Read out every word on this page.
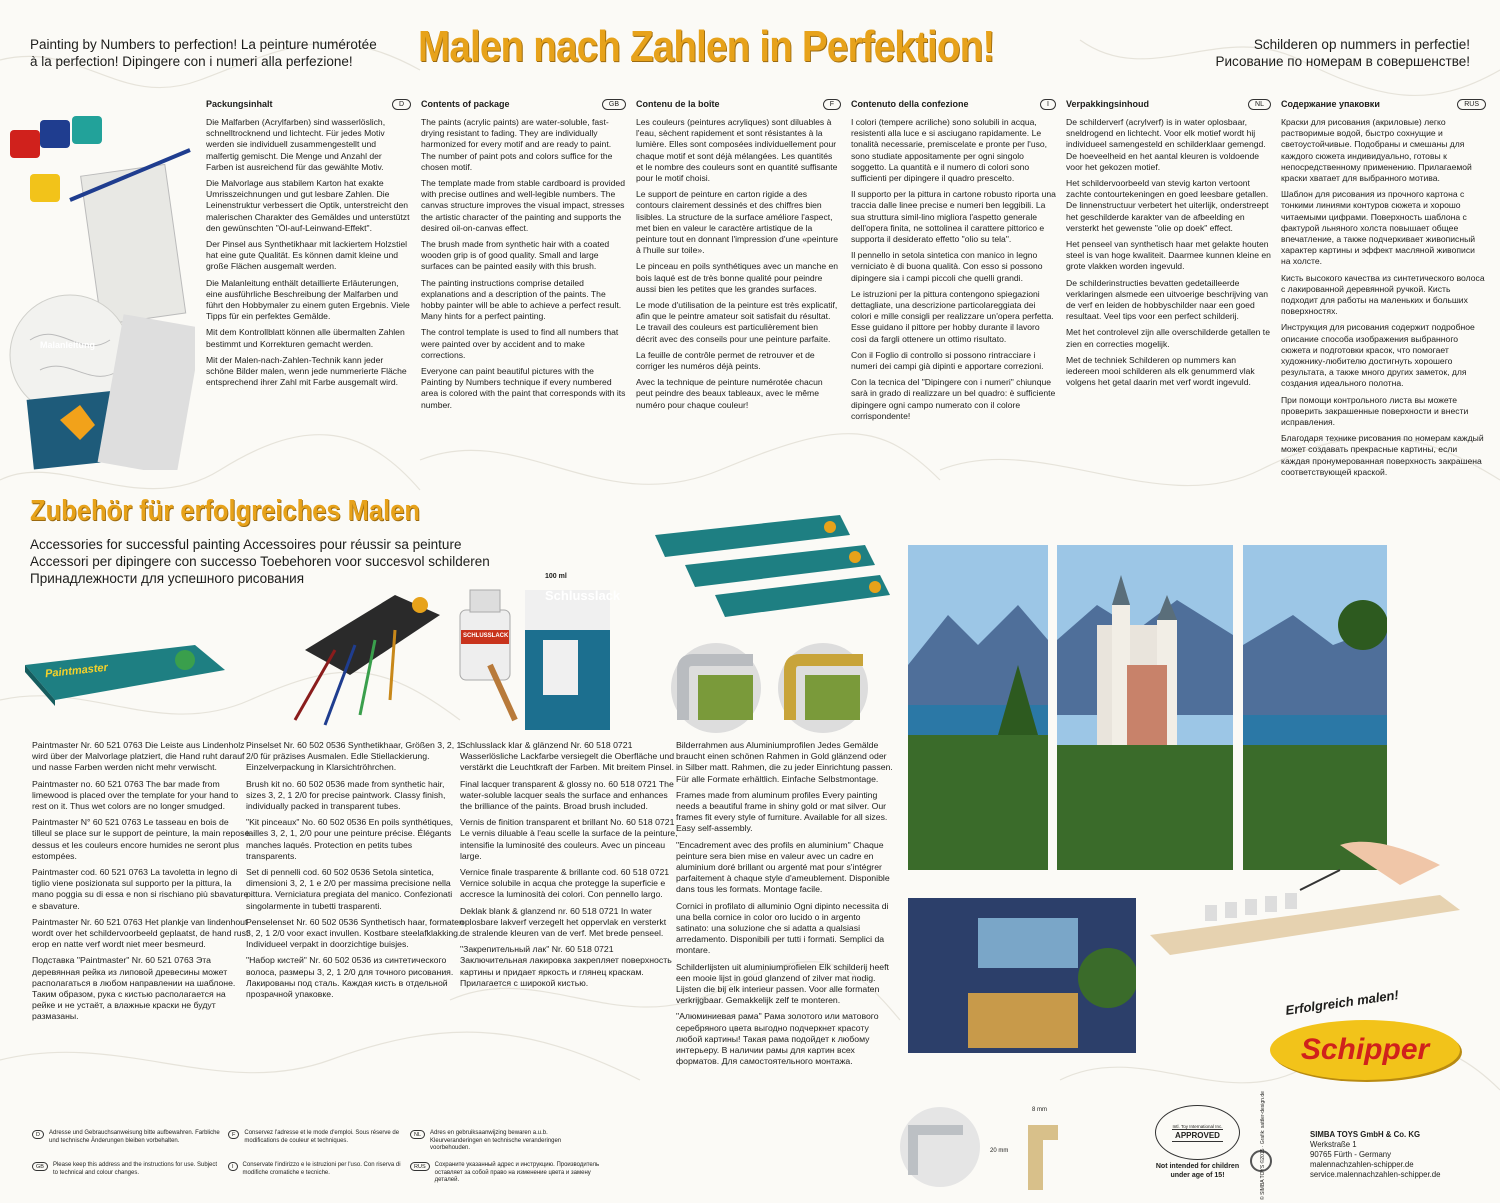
Painting by Numbers to perfection! La peinture numérotée
à la perfection! Dipingere con i numeri alla perfezione!	Malen nach Zahlen in Perfektion!	Schilderen op nummers in perfectie!
Рисование по номерам в совершенстве!
Malanleitung
Packungsinhalt	D

Die Malfarben (Acrylfarben) sind wasserlöslich, schnelltrocknend und lichtecht. Für jedes Motiv werden sie individuell zusammengestellt und malfertig gemischt. Die Menge und Anzahl der Farben ist ausreichend für das gewählte Motiv.

Die Malvorlage aus stabilem Karton hat exakte Umrisszeichnungen und gut lesbare Zahlen. Die Leinenstruktur verbessert die Optik, unterstreicht den malerischen Charakter des Gemäldes und unterstützt den gewünschten "Öl-auf-Leinwand-Effekt".

Der Pinsel aus Synthetikhaar mit lackiertem Holzstiel hat eine gute Qualität. Es können damit kleine und große Flächen ausgemalt werden.

Die Malanleitung enthält detaillierte Erläuterungen, eine ausführliche Beschreibung der Malfarben und führt den Hobbymaler zu einem guten Ergebnis. Viele Tipps für ein perfektes Gemälde.

Mit dem Kontrollblatt können alle übermalten Zahlen bestimmt und Korrekturen gemacht werden.

Mit der Malen-nach-Zahlen-Technik kann jeder schöne Bilder malen, wenn jede nummerierte Fläche entsprechend ihrer Zahl mit Farbe ausgemalt wird.

Contents of package	GB

The paints (acrylic paints) are water-soluble, fast-drying resistant to fading. They are individually harmonized for every motif and are ready to paint. The number of paint pots and colors suffice for the chosen motif.

The template made from stable cardboard is provided with precise outlines and well-legible numbers. The canvas structure improves the visual impact, stresses the artistic character of the painting and supports the desired oil-on-canvas effect.

The brush made from synthetic hair with a coated wooden grip is of good quality. Small and large surfaces can be painted easily with this brush.

The painting instructions comprise detailed explanations and a description of the paints. The hobby painter will be able to achieve a perfect result. Many hints for a perfect painting.

The control template is used to find all numbers that were painted over by accident and to make corrections.

Everyone can paint beautiful pictures with the Painting by Numbers technique if every numbered area is colored with the paint that corresponds with its number.

Contenu de la boîte	F

Les couleurs (peintures acryliques) sont diluables à l'eau, sèchent rapidement et sont résistantes à la lumière. Elles sont composées individuellement pour chaque motif et sont déjà mélangées. Les quantités et le nombre des couleurs sont en quantité suffisante pour le motif choisi.

Le support de peinture en carton rigide a des contours clairement dessinés et des chiffres bien lisibles. La structure de la surface améliore l'aspect, met bien en valeur le caractère artistique de la peinture tout en donnant l'impression d'une «peinture à l'huile sur toile».

Le pinceau en poils synthétiques avec un manche en bois laqué est de très bonne qualité pour peindre aussi bien les petites que les grandes surfaces.

Le mode d'utilisation de la peinture est très explicatif, afin que le peintre amateur soit satisfait du résultat. Le travail des couleurs est particulièrement bien décrit avec des conseils pour une peinture parfaite.

La feuille de contrôle permet de retrouver et de corriger les numéros déjà peints.

Avec la technique de peinture numérotée chacun peut peindre des beaux tableaux, avec le même numéro pour chaque couleur!

Contenuto della confezione	I

I colori (tempere acriliche) sono solubili in acqua, resistenti alla luce e si asciugano rapidamente. Le tonalità necessarie, premiscelate e pronte per l'uso, sono studiate appositamente per ogni singolo soggetto. La quantità e il numero di colori sono sufficienti per dipingere il quadro prescelto.

Il supporto per la pittura in cartone robusto riporta una traccia dalle linee precise e numeri ben leggibili. La sua struttura simil-lino migliora l'aspetto generale dell'opera finita, ne sottolinea il carattere pittorico e supporta il desiderato effetto "olio su tela".

Il pennello in setola sintetica con manico in legno verniciato è di buona qualità. Con esso si possono dipingere sia i campi piccoli che quelli grandi.

Le istruzioni per la pittura contengono spiegazioni dettagliate, una descrizione particolareggiata dei colori e mille consigli per realizzare un'opera perfetta. Esse guidano il pittore per hobby durante il lavoro così da fargli ottenere un ottimo risultato.

Con il Foglio di controllo si possono rintracciare i numeri dei campi già dipinti e apportare correzioni.

Con la tecnica del "Dipingere con i numeri" chiunque sarà in grado di realizzare un bel quadro: è sufficiente dipingere ogni campo numerato con il colore corrispondente!

Verpakkingsinhoud	NL

De schilderverf (acrylverf) is in water oplosbaar, sneldrogend en lichtecht. Voor elk motief wordt hij individueel samengesteld en schilderklaar gemengd. De hoeveelheid en het aantal kleuren is voldoende voor het gekozen motief.

Het schildervoorbeeld van stevig karton vertoont zachte contourtekeningen en goed leesbare getallen. De linnenstructuur verbetert het uiterlijk, onderstreept het geschilderde karakter van de afbeelding en versterkt het gewenste "olie op doek" effect.

Het penseel van synthetisch haar met gelakte houten steel is van hoge kwaliteit. Daarmee kunnen kleine en grote vlakken worden ingevuld.

De schilderinstructies bevatten gedetailleerde verklaringen alsmede een uitvoerige beschrijving van de verf en leiden de hobbyschilder naar een goed resultaat. Veel tips voor een perfect schilderij.

Met het controlevel zijn alle overschilderde getallen te zien en correcties mogelijk.

Met de techniek Schilderen op nummers kan iedereen mooi schilderen als elk genummerd vlak volgens het getal daarin met verf wordt ingevuld.

Содержание упаковки	RUS

Краски для рисования (акриловые) легко растворимые водой, быстро сохнущие и светоустойчивые. Подобраны и смешаны для каждого сюжета индивидуально, готовы к непосредственному применению. Прилагаемой краски хватает для выбранного мотива.

Шаблон для рисования из прочного картона с тонкими линиями контуров сюжета и хорошо читаемыми цифрами. Поверхность шаблона с фактурой льняного холста повышает общее впечатление, а также подчеркивает живописный характер картины и эффект масляной живописи на холсте.

Кисть высокого качества из синтетического волоса с лакированной деревянной ручкой. Кисть подходит для работы на маленьких и больших поверхностях.

Инструкция для рисования содержит подробное описание способа изображения выбранного сюжета и подготовки красок, что помогает художнику-любителю достигнуть хорошего результата, а также много других заметок, для создания идеального полотна.

При помощи контрольного листа вы можете проверить закрашенные поверхности и внести исправления.

Благодаря технике рисования по номерам каждый может создавать прекрасные картины, если каждая пронумерованная поверхность закрашена соответствующей краской.

Zubehör für erfolgreiches Malen
Accessories for successful painting Accessoires pour réussir sa peinture
Accessori per dipingere con successo Toebehoren voor succesvol schilderen
Принадлежности для успешного рисования
Paintmaster
Schlusslack
100 ml
SCHLUSSLACK

Paintmaster Nr. 60 521 0763 Die Leiste aus Lindenholz wird über der Malvorlage platziert, die Hand ruht darauf und nasse Farben werden nicht mehr verwischt.

Paintmaster no. 60 521 0763 The bar made from limewood is placed over the template for your hand to rest on it. Thus wet colors are no longer smudged.

Paintmaster N° 60 521 0763 Le tasseau en bois de tilleul se place sur le support de peinture, la main repose dessus et les couleurs encore humides ne seront plus estompées.

Paintmaster cod. 60 521 0763 La tavoletta in legno di tiglio viene posizionata sul supporto per la pittura, la mano poggia su di essa e non si rischiano più sbavature e sbavature.

Paintmaster Nr. 60 521 0763 Het plankje van lindenhout wordt over het schildervoorbeeld geplaatst, de hand rust erop en natte verf wordt niet meer besmeurd.

Подставка "Paintmaster" Nr. 60 521 0763 Эта деревянная рейка из липовой древесины может располагаться в любом направлении на шаблоне. Таким образом, рука с кистью располагается на рейке и не устаёт, а влажные краски не будут размазаны.

Pinselset Nr. 60 502 0536 Synthetikhaar, Größen 3, 2, 1 2/0 für präzises Ausmalen. Edle Stiellackierung. Einzelverpackung in Klarsichtröhrchen.

Brush kit no. 60 502 0536 made from synthetic hair, sizes 3, 2, 1 2/0 for precise paintwork. Classy finish, individually packed in transparent tubes.

"Kit pinceaux" No. 60 502 0536 En poils synthétiques, tailles 3, 2, 1, 2/0 pour une peinture précise. Élégants manches laqués. Protection en petits tubes transparents.

Set di pennelli cod. 60 502 0536 Setola sintetica, dimensioni 3, 2, 1 e 2/0 per massima precisione nella pittura. Verniciatura pregiata del manico. Confezionati singolarmente in tubetti trasparenti.

Penselenset Nr. 60 502 0536 Synthetisch haar, formaten 3, 2, 1 2/0 voor exact invullen. Kostbare steelafklakking. Individueel verpakt in doorzichtige buisjes.

"Набор кистей" Nr. 60 502 0536 из синтетического волоса, размеры 3, 2, 1 2/0 для точного рисования. Лакированы под сталь. Каждая кисть в отдельной прозрачной упаковке.

Schlusslack klar & glänzend Nr. 60 518 0721 Wasserlösliche Lackfarbe versiegelt die Oberfläche und verstärkt die Leuchtkraft der Farben. Mit breitem Pinsel.

Final lacquer transparent & glossy no. 60 518 0721 The water-soluble lacquer seals the surface and enhances the brilliance of the paints. Broad brush included.

Vernis de finition transparent et brillant No. 60 518 0721 Le vernis diluable à l'eau scelle la surface de la peinture, intensifie la luminosité des couleurs. Avec un pinceau large.

Vernice finale trasparente & brillante cod. 60 518 0721 Vernice solubile in acqua che protegge la superficie e accresce la luminosità dei colori. Con pennello largo.

Deklak blank & glanzend nr. 60 518 0721 In water oplosbare lakverf verzegelt het oppervlak en versterkt de stralende kleuren van de verf. Met brede penseel.

"Закрепительный лак" Nr. 60 518 0721 Заключительная лакировка закрепляет поверхность картины и придает яркость и глянец краскам. Прилагается с широкой кистью.

Bilderrahmen aus Aluminiumprofilen Jedes Gemälde braucht einen schönen Rahmen in Gold glänzend oder in Silber matt. Rahmen, die zu jeder Einrichtung passen. Für alle Formate erhältlich. Einfache Selbstmontage.

Frames made from aluminum profiles Every painting needs a beautiful frame in shiny gold or mat silver. Our frames fit every style of furniture. Available for all sizes. Easy self-assembly.

"Encadrement avec des profils en aluminium" Chaque peinture sera bien mise en valeur avec un cadre en aluminium doré brillant ou argenté mat pour s'intégrer parfaitement à chaque style d'ameublement. Disponible dans tous les formats. Montage facile.

Cornici in profilato di alluminio Ogni dipinto necessita di una bella cornice in color oro lucido o in argento satinato: una soluzione che si adatta a qualsiasi arredamento. Disponibili per tutti i formati. Semplici da montare.

Schilderlijsten uit aluminiumprofielen Elk schilderij heeft een mooie lijst in goud glanzend of zilver mat nodig. Lijsten die bij elk interieur passen. Voor alle formaten verkrijgbaar. Gemakkelijk zelf te monteren.

"Алюминиевая рама" Рама золотого или матового серебряного цвета выгодно подчеркнет красоту любой картины! Такая рама подойдет к любому интерьеру. В наличии рамы для картин всех форматов. Для самостоятельного монтажа.

Erfolgreich malen!
Schipper
8 mm
20 mm
Intl. Toy International Inc.
APPROVED
Not intended for children under age of 15!
SIMBA TOYS GmbH & Co. KG
Werkstraße 1
90765 Fürth - Germany
malennachzahlen-schipper.de
service.malennachzahlen-schipper.de
© SIMBA TOYS ©2015 · Grafik: sattler-design.de
D	Adresse und Gebrauchsanweisung bitte aufbewahren. Farbliche und technische Änderungen bleiben vorbehalten.
GB	Please keep this address and the instructions for use. Subject to technical and colour changes.
F	Conservez l'adresse et le mode d'emploi. Sous réserve de modifications de couleur et techniques.
I	Conservate l'indirizzo e le istruzioni per l'uso. Con riserva di modifiche cromatiche e tecniche.
NL	Adres en gebruiksaanwijzing bewaren a.u.b. Kleurveranderingen en technische veranderingen voorbehouden.
RUS	Сохраните указанный адрес и инструкцию. Производитель оставляет за собой право на изменение цвета и замену деталей.
